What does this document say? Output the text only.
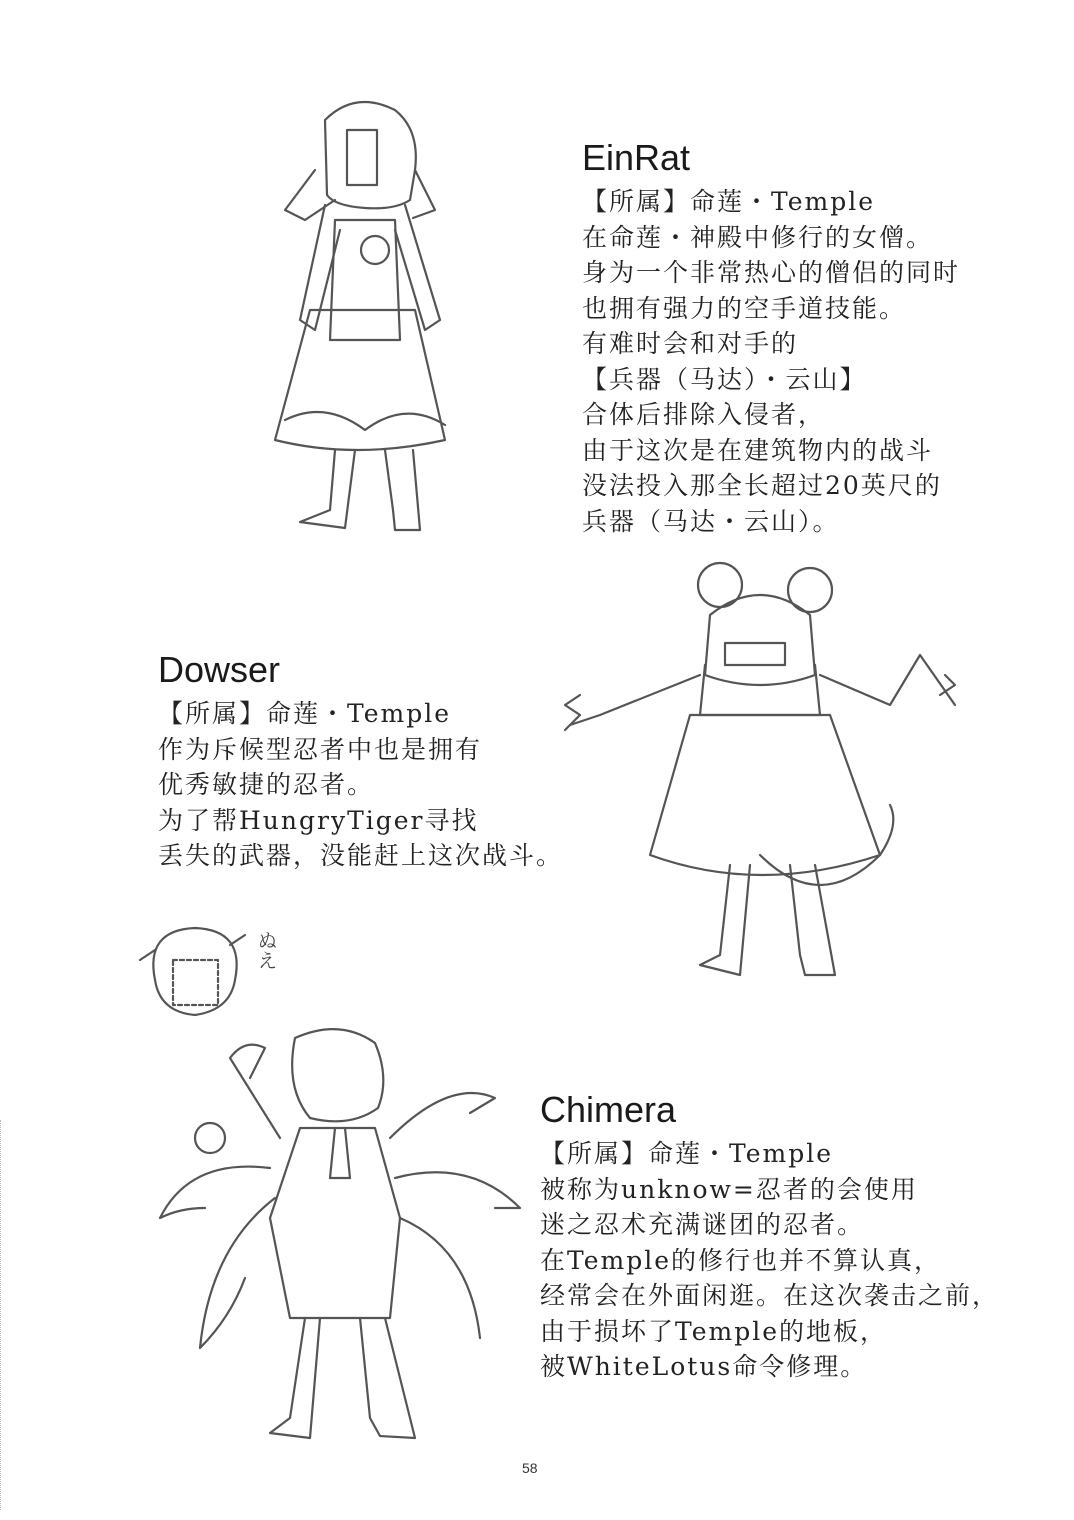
ぬえ
EinRat
【所属】命莲・Temple
在命莲・神殿中修行的女僧。
身为一个非常热心的僧侣的同时
也拥有强力的空手道技能。
有难时会和对手的
【兵器（马达）・云山】
合体后排除入侵者，
由于这次是在建筑物内的战斗
没法投入那全长超过20英尺的
兵器（马达・云山）。
Dowser
【所属】命莲・Temple
作为斥候型忍者中也是拥有
优秀敏捷的忍者。
为了帮HungryTiger寻找
丢失的武器，没能赶上这次战斗。
Chimera
【所属】命莲・Temple
被称为unknow=忍者的会使用
迷之忍术充满谜团的忍者。
在Temple的修行也并不算认真，
经常会在外面闲逛。在这次袭击之前，
由于损坏了Temple的地板，
被WhiteLotus命令修理。
58
